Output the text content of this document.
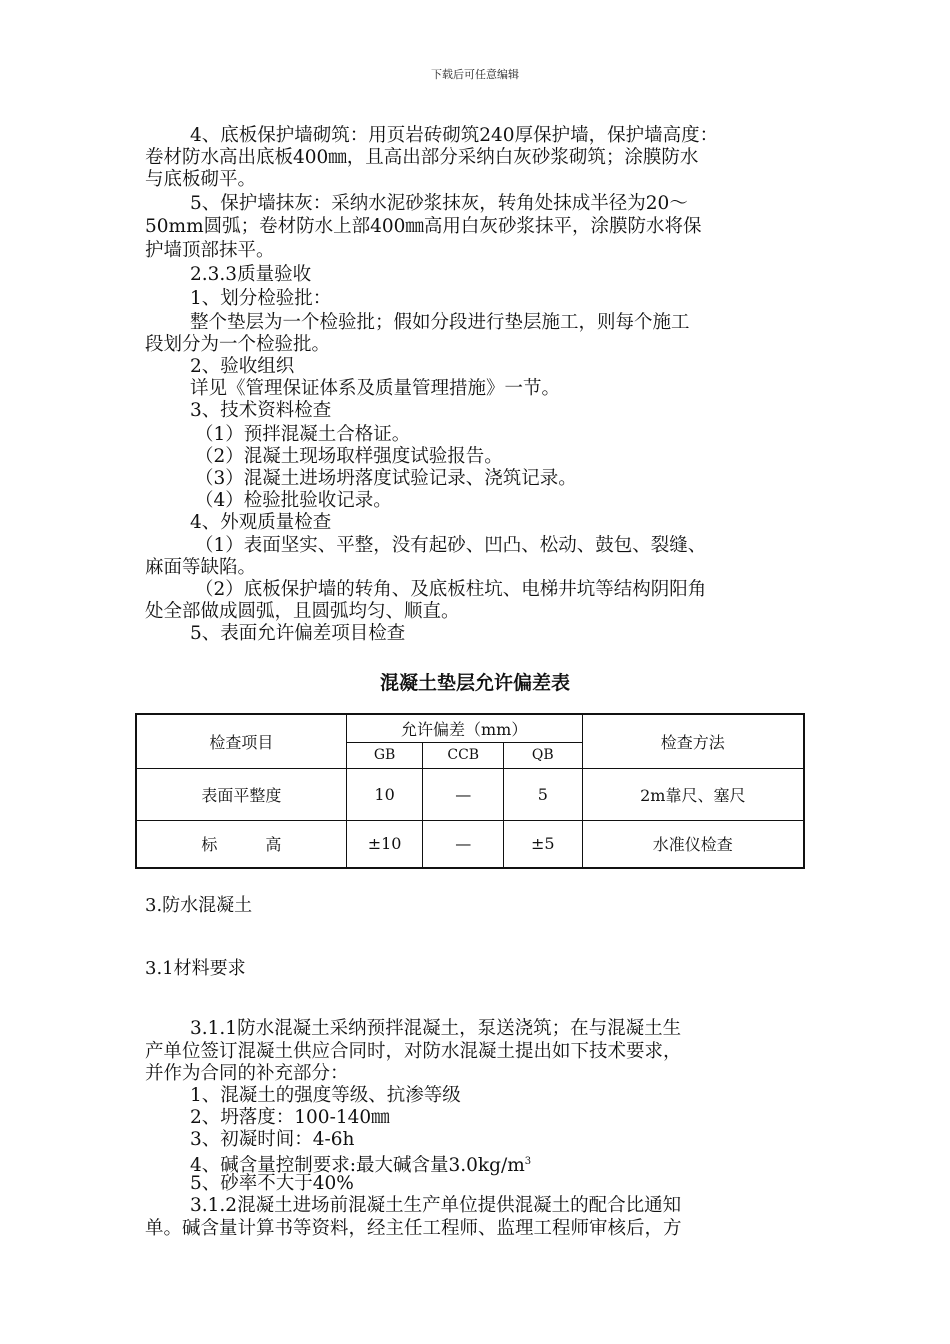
下载后可任意编辑
4、底板保护墙砌筑：用页岩砖砌筑240厚保护墙，保护墙高度：
卷材防水高出底板400㎜，且高出部分采纳白灰砂浆砌筑；涂膜防水
与底板砌平。
5、保护墙抹灰：采纳水泥砂浆抹灰，转角处抹成半径为20～
50mm圆弧；卷材防水上部400㎜高用白灰砂浆抹平，涂膜防水将保
护墙顶部抹平。
2.3.3质量验收
1、划分检验批：
整个垫层为一个检验批；假如分段进行垫层施工，则每个施工
段划分为一个检验批。
2、验收组织
详见《管理保证体系及质量管理措施》一节。
3、技术资料检查
（1）预拌混凝土合格证。
（2）混凝土现场取样强度试验报告。
（3）混凝土进场坍落度试验记录、浇筑记录。
（4）检验批验收记录。
4、外观质量检查
（1）表面坚实、平整，没有起砂、凹凸、松动、鼓包、裂缝、
麻面等缺陷。
（2）底板保护墙的转角、及底板柱坑、电梯井坑等结构阴阳角
处全部做成圆弧，且圆弧均匀、顺直。
5、表面允许偏差项目检查
混凝土垫层允许偏差表
检查项目	允许偏差（mm）			检查方法
	GB	CCB	QB	
表面平整度	10	—	5	2m靠尺、塞尺
标　　　高	±10	—	±5	水准仪检查
3.防水混凝土
3.1材料要求
3.1.1防水混凝土采纳预拌混凝土，泵送浇筑；在与混凝土生
产单位签订混凝土供应合同时，对防水混凝土提出如下技术要求，
并作为合同的补充部分：
1、混凝土的强度等级、抗渗等级
2、坍落度：100-140㎜
3、初凝时间：4-6h
4、碱含量控制要求:最大碱含量$3.0kg/m^3$
5、砂率不大于40%
3.1.2混凝土进场前混凝土生产单位提供混凝土的配合比通知
单。碱含量计算书等资料，经主任工程师、监理工程师审核后，方
